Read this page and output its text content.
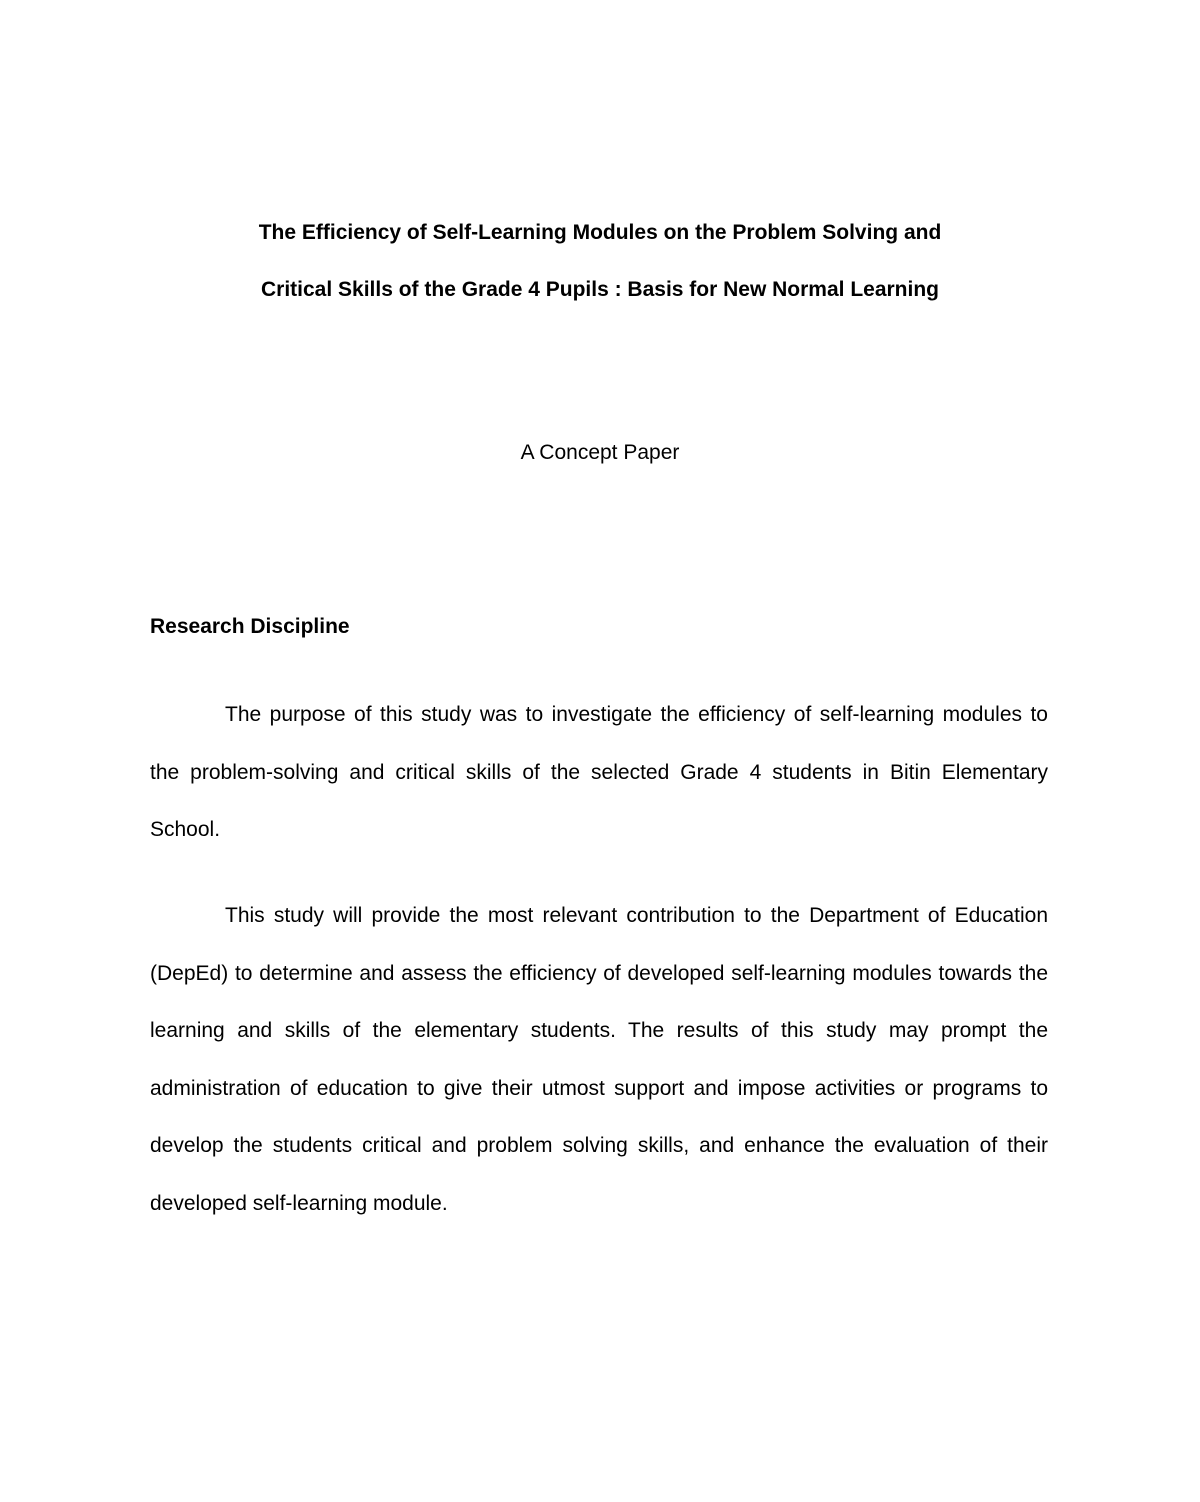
The Efficiency of Self-Learning Modules on the Problem Solving and
Critical Skills of the Grade 4 Pupils : Basis for New Normal Learning

A Concept Paper

Research Discipline

The purpose of this study was to investigate the efficiency of self-learning modules to the problem-solving and critical skills of the selected Grade 4 students in Bitin Elementary School.

This study will provide the most relevant contribution to the Department of Education (DepEd) to determine and assess the efficiency of developed self-learning modules towards the learning and skills of the elementary students. The results of this study may prompt the administration of education to give their utmost support and impose activities or programs to develop the students critical and problem solving skills, and enhance the evaluation of their developed self-learning module.
